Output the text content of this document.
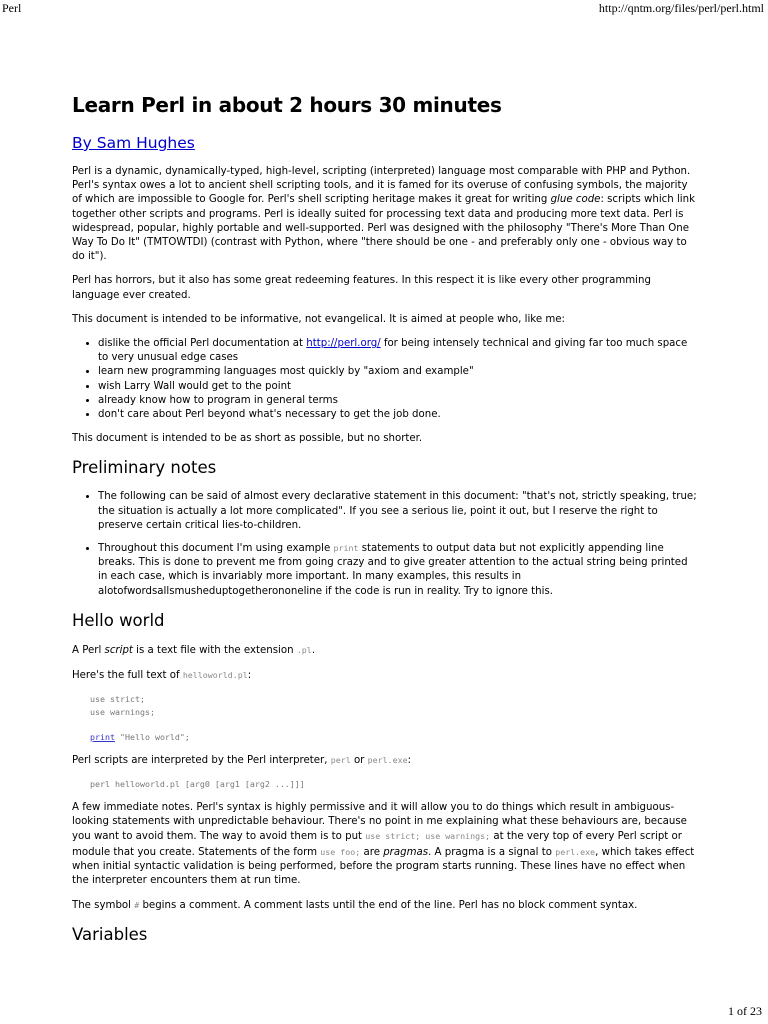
Perl	http://qntm.org/files/perl/perl.html
Learn Perl in about 2 hours 30 minutes
By Sam Hughes

Perl is a dynamic, dynamically-typed, high-level, scripting (interpreted) language most comparable with PHP and Python. Perl's syntax owes a lot to ancient shell scripting tools, and it is famed for its overuse of confusing symbols, the majority of which are impossible to Google for. Perl's shell scripting heritage makes it great for writing glue code: scripts which link together other scripts and programs. Perl is ideally suited for processing text data and producing more text data. Perl is widespread, popular, highly portable and well-supported. Perl was designed with the philosophy "There's More Than One Way To Do It" (TMTOWTDI) (contrast with Python, where "there should be one - and preferably only one - obvious way to do it").

Perl has horrors, but it also has some great redeeming features. In this respect it is like every other programming language ever created.

This document is intended to be informative, not evangelical. It is aimed at people who, like me:

• dislike the official Perl documentation at http://perl.org/ for being intensely technical and giving far too much space to very unusual edge cases
• learn new programming languages most quickly by "axiom and example"
• wish Larry Wall would get to the point
• already know how to program in general terms
• don't care about Perl beyond what's necessary to get the job done.

This document is intended to be as short as possible, but no shorter.

Preliminary notes
• The following can be said of almost every declarative statement in this document: "that's not, strictly speaking, true; the situation is actually a lot more complicated". If you see a serious lie, point it out, but I reserve the right to preserve certain critical lies-to-children.
• Throughout this document I'm using example print statements to output data but not explicitly appending line breaks. This is done to prevent me from going crazy and to give greater attention to the actual string being printed in each case, which is invariably more important. In many examples, this results in alotofwordsallsmusheduptogetherononeline if the code is run in reality. Try to ignore this.
Hello world

A Perl script is a text file with the extension .pl.

Here's the full text of helloworld.pl:

use strict;
use warnings;

print "Hello world";

Perl scripts are interpreted by the Perl interpreter, perl or perl.exe:

perl helloworld.pl [arg0 [arg1 [arg2 ...]]]

A few immediate notes. Perl's syntax is highly permissive and it will allow you to do things which result in ambiguous-looking statements with unpredictable behaviour. There's no point in me explaining what these behaviours are, because you want to avoid them. The way to avoid them is to put use strict; use warnings; at the very top of every Perl script or module that you create. Statements of the form use foo; are pragmas. A pragma is a signal to perl.exe, which takes effect when initial syntactic validation is being performed, before the program starts running. These lines have no effect when the interpreter encounters them at run time.

The symbol # begins a comment. A comment lasts until the end of the line. Perl has no block comment syntax.

Variables
1 of 23
